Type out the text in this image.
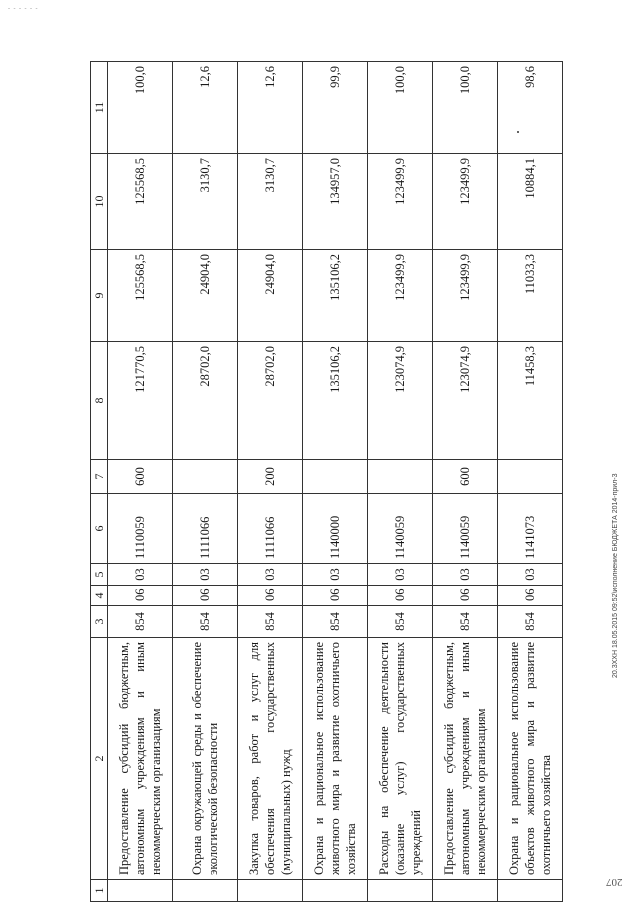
- - - - - -
1	2	3	4	5	6	7	8	9	10	11
	Предоставление субсидий бюджетным, автономным учреждениям и иным некоммерческим организациям	854	06	03	1110059	600	121770,5	125568,5	125568,5	100,0
	Охрана окружающей среды и обеспечение экологической безопасности	854	06	03	1111066		28702,0	24904,0	3130,7	12,6
	Закупка товаров, работ и услуг для обеспечения государственных (муниципальных) нужд	854	06	03	1111066	200	28702,0	24904,0	3130,7	12,6
	Охрана и рациональное использование животного мира и развитие охотничьего хозяйства	854	06	03	1140000		135106,2	135106,2	134957,0	99,9
	Расходы на обеспечение деятельности (оказание услуг) государственных учреждений	854	06	03	1140059		123074,9	123499,9	123499,9	100,0
	Предоставление субсидий бюджетным, автономным учреждениям и иным некоммерческим организациям	854	06	03	1140059	600	123074,9	123499,9	123499,9	100,0
	Охрана и рациональное использование объектов животного мира и развитие охотничьего хозяйства	854	06	03	1141073		11458,3	11033,3	10884,1	98,6
20.3ХХН 18.05.2015 09:52\исполнение БЮДЖЕТА 2014-прил-3
207
